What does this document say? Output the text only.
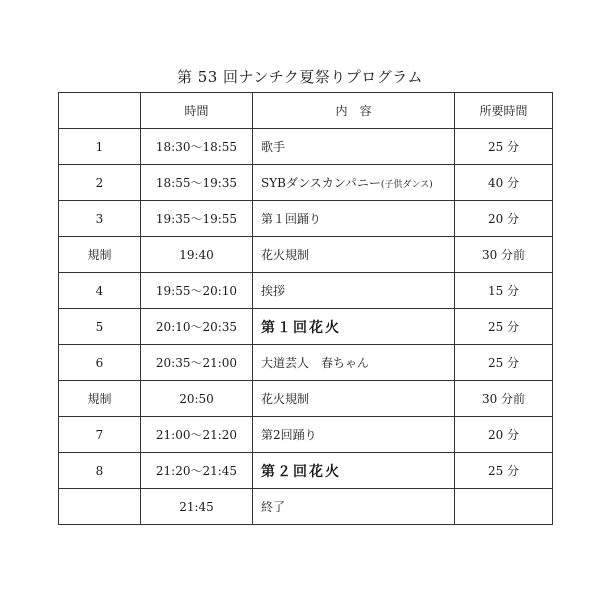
第 53 回ナンチク夏祭りプログラム
	時間	内　容	所要時間
1	18:30～18:55	歌手	25 分
2	18:55～19:35	SYBダンスカンパニー(子供ダンス)	40 分
3	19:35～19:55	第１回踊り	20 分
規制	19:40	花火規制	30 分前
4	19:55～20:10	挨拶	15 分
5	20:10～20:35	第１回花火	25 分
6	20:35～21:00	大道芸人　春ちゃん	25 分
規制	20:50	花火規制	30 分前
7	21:00～21:20	第2回踊り	20 分
8	21:20～21:45	第２回花火	25 分
	21:45	終了	
